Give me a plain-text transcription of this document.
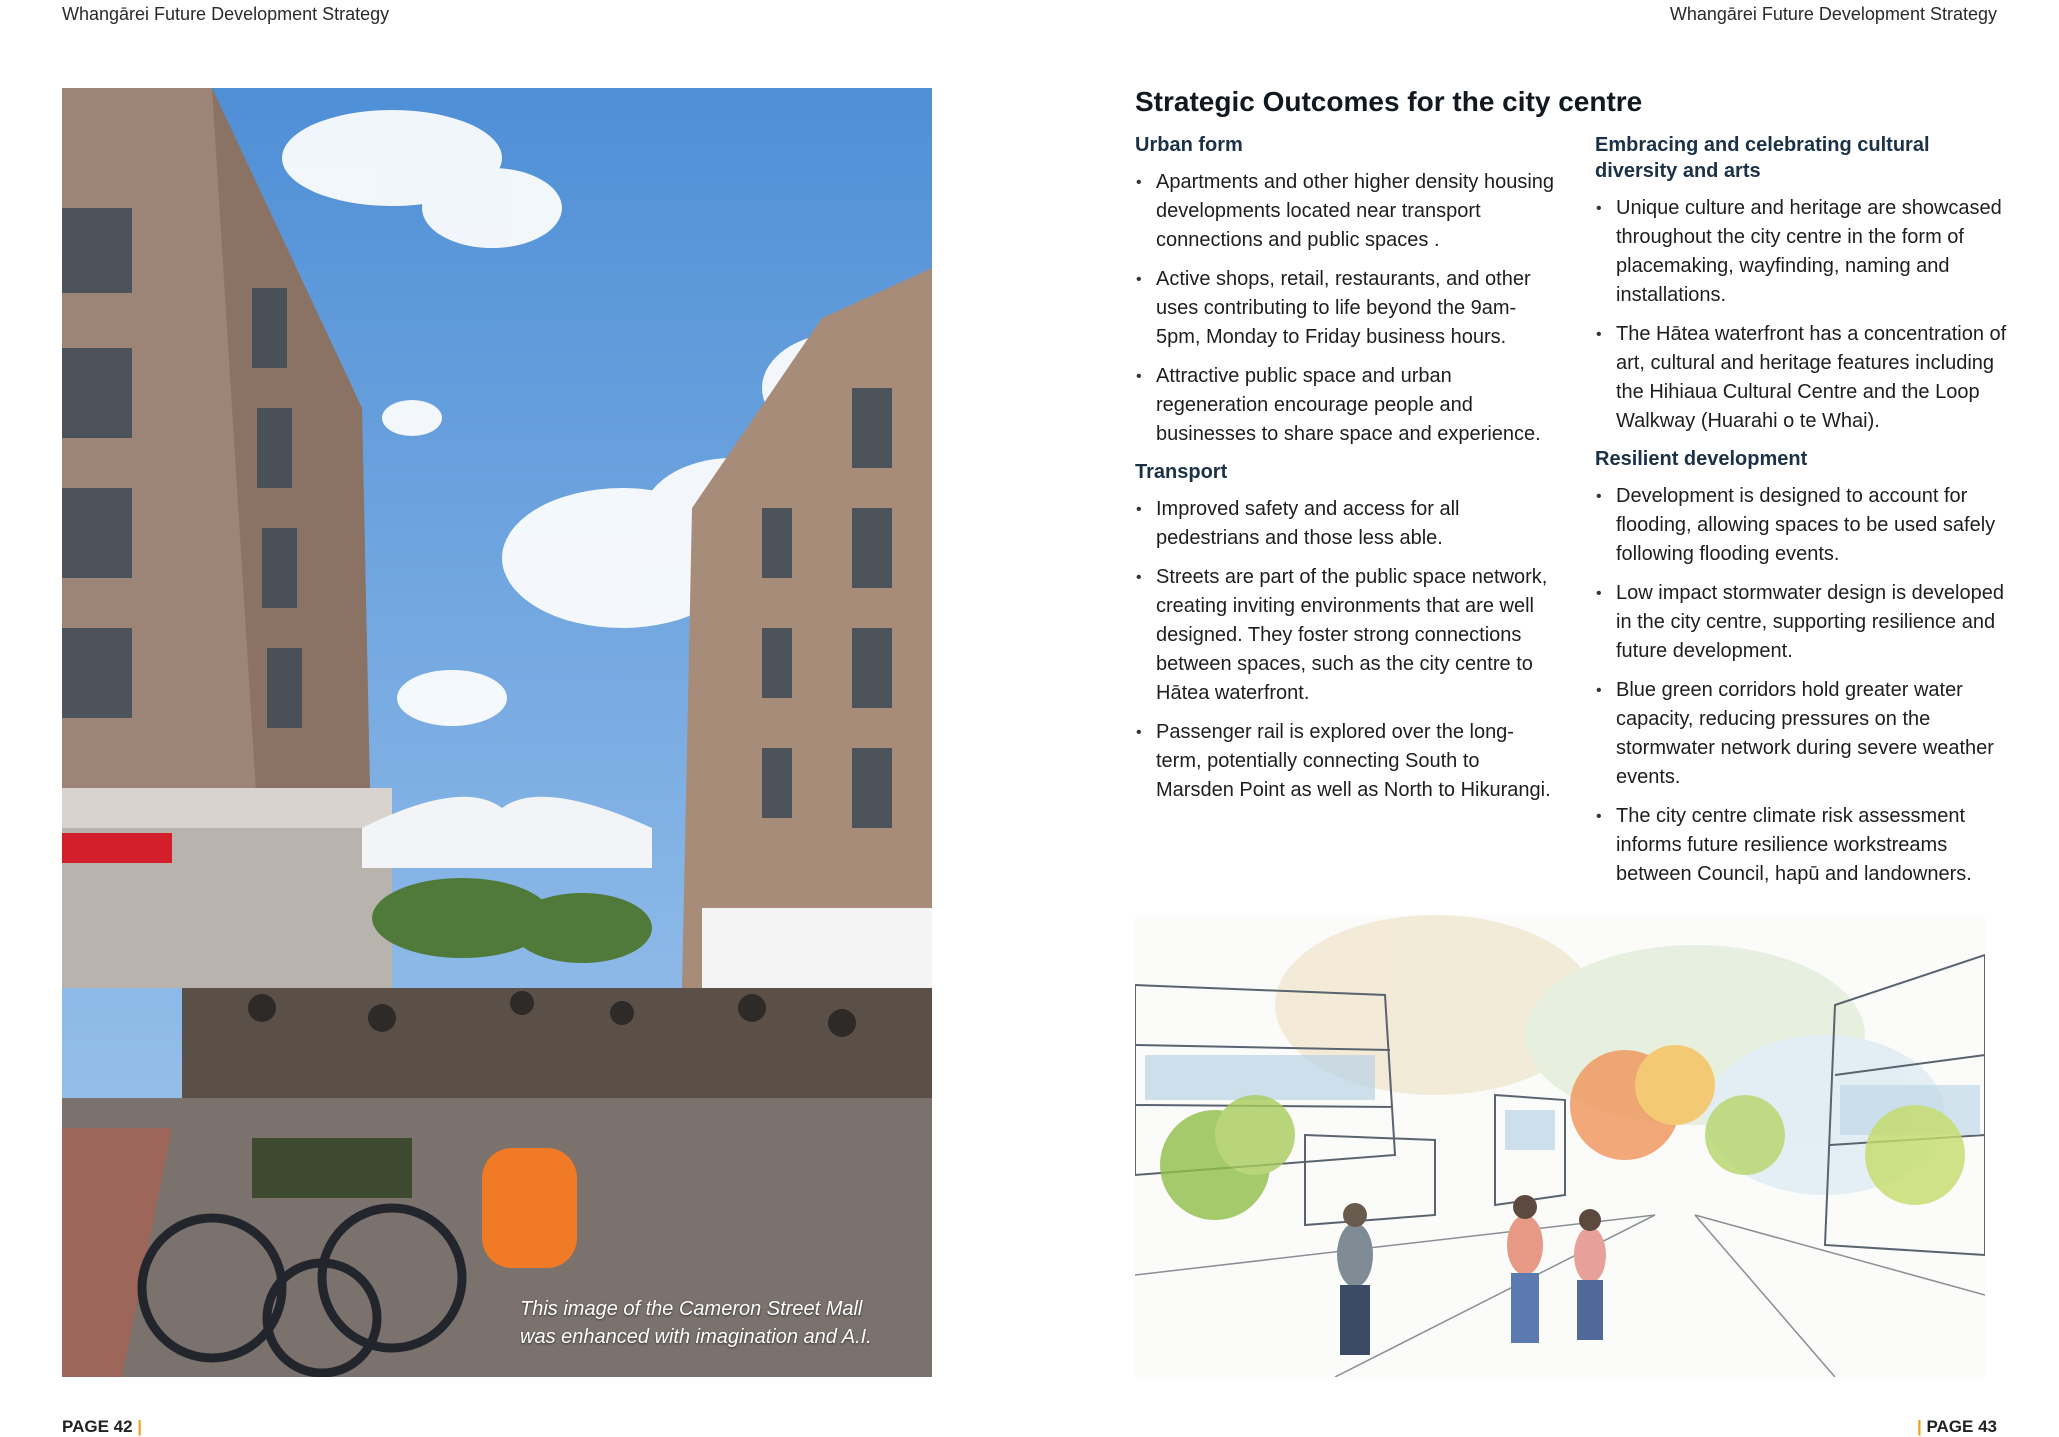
Whangārei Future Development Strategy	Whangārei Future Development Strategy
This image of the Cameron Street Mall
was enhanced with imagination and A.I.
Strategic Outcomes for the city centre
Urban form
• Apartments and other higher density housing developments located near transport connections and public spaces .
• Active shops, retail, restaurants, and other uses contributing to life beyond the 9am-5pm, Monday to Friday business hours.
• Attractive public space and urban regeneration encourage people and businesses to share space and experience.
Transport
• Improved safety and access for all pedestrians and those less able.
• Streets are part of the public space network, creating inviting environments that are well designed. They foster strong connections between spaces, such as the city centre to Hātea waterfront.
• Passenger rail is explored over the long-term, potentially connecting South to Marsden Point as well as North to Hikurangi.
Embracing and celebrating cultural diversity and arts
• Unique culture and heritage are showcased throughout the city centre in the form of placemaking, wayfinding, naming and installations.
• The Hātea waterfront has a concentration of art, cultural and heritage features including the Hihiaua Cultural Centre and the Loop Walkway (Huarahi o te Whai).
Resilient development
• Development is designed to account for flooding, allowing spaces to be used safely following flooding events.
• Low impact stormwater design is developed in the city centre, supporting resilience and future development.
• Blue green corridors hold greater water capacity, reducing pressures on the stormwater network during severe weather events.
• The city centre climate risk assessment informs future resilience workstreams between Council, hapū and landowners.
PAGE 42 |	| PAGE 43
